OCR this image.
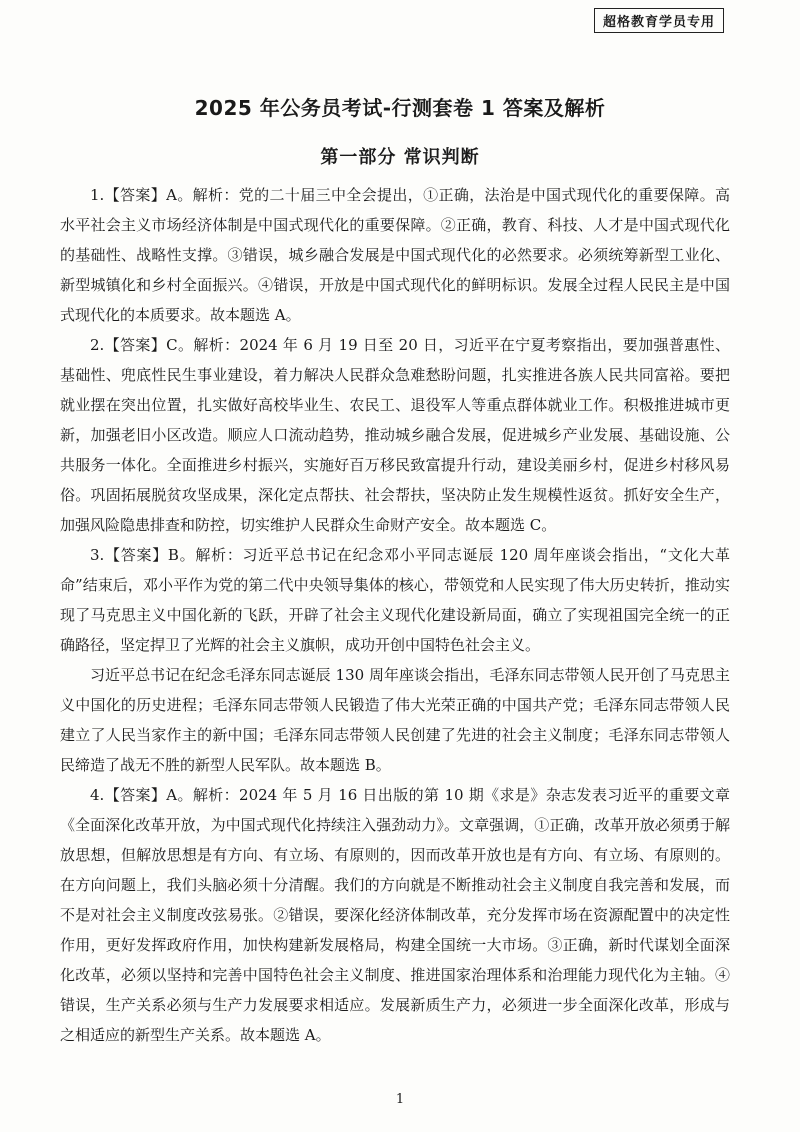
超格教育学员专用
2025 年公务员考试-行测套卷 1 答案及解析
第一部分 常识判断

1.【答案】A。解析：党的二十届三中全会提出，①正确，法治是中国式现代化的重要保障。高水平社会主义市场经济体制是中国式现代化的重要保障。②正确，教育、科技、人才是中国式现代化的基础性、战略性支撑。③错误，城乡融合发展是中国式现代化的必然要求。必须统筹新型工业化、新型城镇化和乡村全面振兴。④错误，开放是中国式现代化的鲜明标识。发展全过程人民民主是中国式现代化的本质要求。故本题选 A。

2.【答案】C。解析：2024 年 6 月 19 日至 20 日，习近平在宁夏考察指出，要加强普惠性、基础性、兜底性民生事业建设，着力解决人民群众急难愁盼问题，扎实推进各族人民共同富裕。要把就业摆在突出位置，扎实做好高校毕业生、农民工、退役军人等重点群体就业工作。积极推进城市更新，加强老旧小区改造。顺应人口流动趋势，推动城乡融合发展，促进城乡产业发展、基础设施、公共服务一体化。全面推进乡村振兴，实施好百万移民致富提升行动，建设美丽乡村，促进乡村移风易俗。巩固拓展脱贫攻坚成果，深化定点帮扶、社会帮扶，坚决防止发生规模性返贫。抓好安全生产，加强风险隐患排查和防控，切实维护人民群众生命财产安全。故本题选 C。

3.【答案】B。解析：习近平总书记在纪念邓小平同志诞辰 120 周年座谈会指出，“文化大革命”结束后，邓小平作为党的第二代中央领导集体的核心，带领党和人民实现了伟大历史转折，推动实现了马克思主义中国化新的飞跃，开辟了社会主义现代化建设新局面，确立了实现祖国完全统一的正确路径，坚定捍卫了光辉的社会主义旗帜，成功开创中国特色社会主义。

习近平总书记在纪念毛泽东同志诞辰 130 周年座谈会指出，毛泽东同志带领人民开创了马克思主义中国化的历史进程；毛泽东同志带领人民锻造了伟大光荣正确的中国共产党；毛泽东同志带领人民建立了人民当家作主的新中国；毛泽东同志带领人民创建了先进的社会主义制度；毛泽东同志带领人民缔造了战无不胜的新型人民军队。故本题选 B。

4.【答案】A。解析：2024 年 5 月 16 日出版的第 10 期《求是》杂志发表习近平的重要文章《全面深化改革开放，为中国式现代化持续注入强劲动力》。文章强调，①正确，改革开放必须勇于解放思想，但解放思想是有方向、有立场、有原则的，因而改革开放也是有方向、有立场、有原则的。在方向问题上，我们头脑必须十分清醒。我们的方向就是不断推动社会主义制度自我完善和发展，而不是对社会主义制度改弦易张。②错误，要深化经济体制改革，充分发挥市场在资源配置中的决定性作用，更好发挥政府作用，加快构建新发展格局，构建全国统一大市场。③正确，新时代谋划全面深化改革，必须以坚持和完善中国特色社会主义制度、推进国家治理体系和治理能力现代化为主轴。④错误，生产关系必须与生产力发展要求相适应。发展新质生产力，必须进一步全面深化改革，形成与之相适应的新型生产关系。故本题选 A。

1
